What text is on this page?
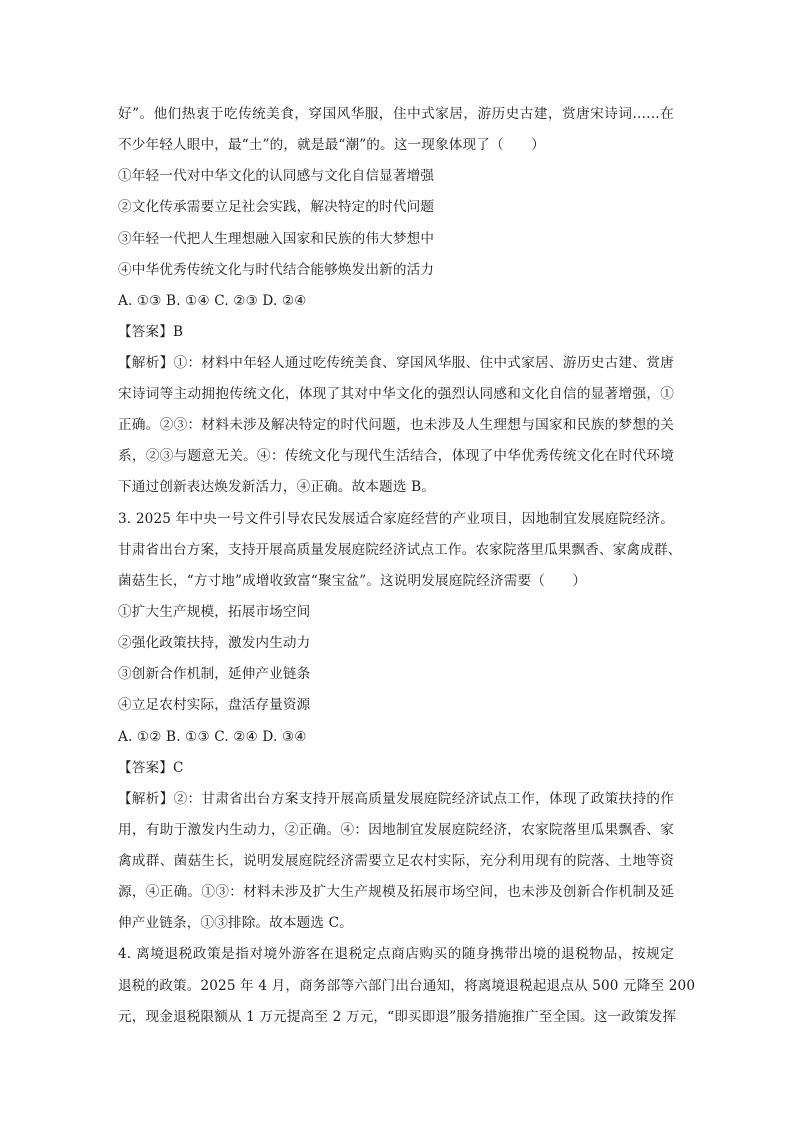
好”。他们热衷于吃传统美食，穿国风华服，住中式家居，游历史古建，赏唐宋诗词……在
不少年轻人眼中，最“土”的，就是最“潮”的。这一现象体现了（　　）
①年轻一代对中华文化的认同感与文化自信显著增强
②文化传承需要立足社会实践，解决特定的时代问题
③年轻一代把人生理想融入国家和民族的伟大梦想中
④中华优秀传统文化与时代结合能够焕发出新的活力
A. ①③ B. ①④ C. ②③ D. ②④
【答案】B
【解析】①：材料中年轻人通过吃传统美食、穿国风华服、住中式家居、游历史古建、赏唐
宋诗词等主动拥抱传统文化，体现了其对中华文化的强烈认同感和文化自信的显著增强，①
正确。②③：材料未涉及解决特定的时代问题，也未涉及人生理想与国家和民族的梦想的关
系，②③与题意无关。④：传统文化与现代生活结合，体现了中华优秀传统文化在时代环境
下通过创新表达焕发新活力，④正确。故本题选 B。
3. 2025 年中央一号文件引导农民发展适合家庭经营的产业项目，因地制宜发展庭院经济。
甘肃省出台方案，支持开展高质量发展庭院经济试点工作。农家院落里瓜果飘香、家禽成群、
菌菇生长，“方寸地”成增收致富“聚宝盆”。这说明发展庭院经济需要（　　）
①扩大生产规模，拓展市场空间
②强化政策扶持，激发内生动力
③创新合作机制，延伸产业链条
④立足农村实际，盘活存量资源
A. ①② B. ①③ C. ②④ D. ③④
【答案】C
【解析】②：甘肃省出台方案支持开展高质量发展庭院经济试点工作，体现了政策扶持的作
用，有助于激发内生动力，②正确。④：因地制宜发展庭院经济，农家院落里瓜果飘香、家
禽成群、菌菇生长，说明发展庭院经济需要立足农村实际，充分利用现有的院落、土地等资
源，④正确。①③：材料未涉及扩大生产规模及拓展市场空间，也未涉及创新合作机制及延
伸产业链条，①③排除。故本题选 C。
4. 离境退税政策是指对境外游客在退税定点商店购买的随身携带出境的退税物品，按规定
退税的政策。2025 年 4 月，商务部等六部门出台通知，将离境退税起退点从 500 元降至 200
元，现金退税限额从 1 万元提高至 2 万元，“即买即退”服务措施推广至全国。这一政策发挥
